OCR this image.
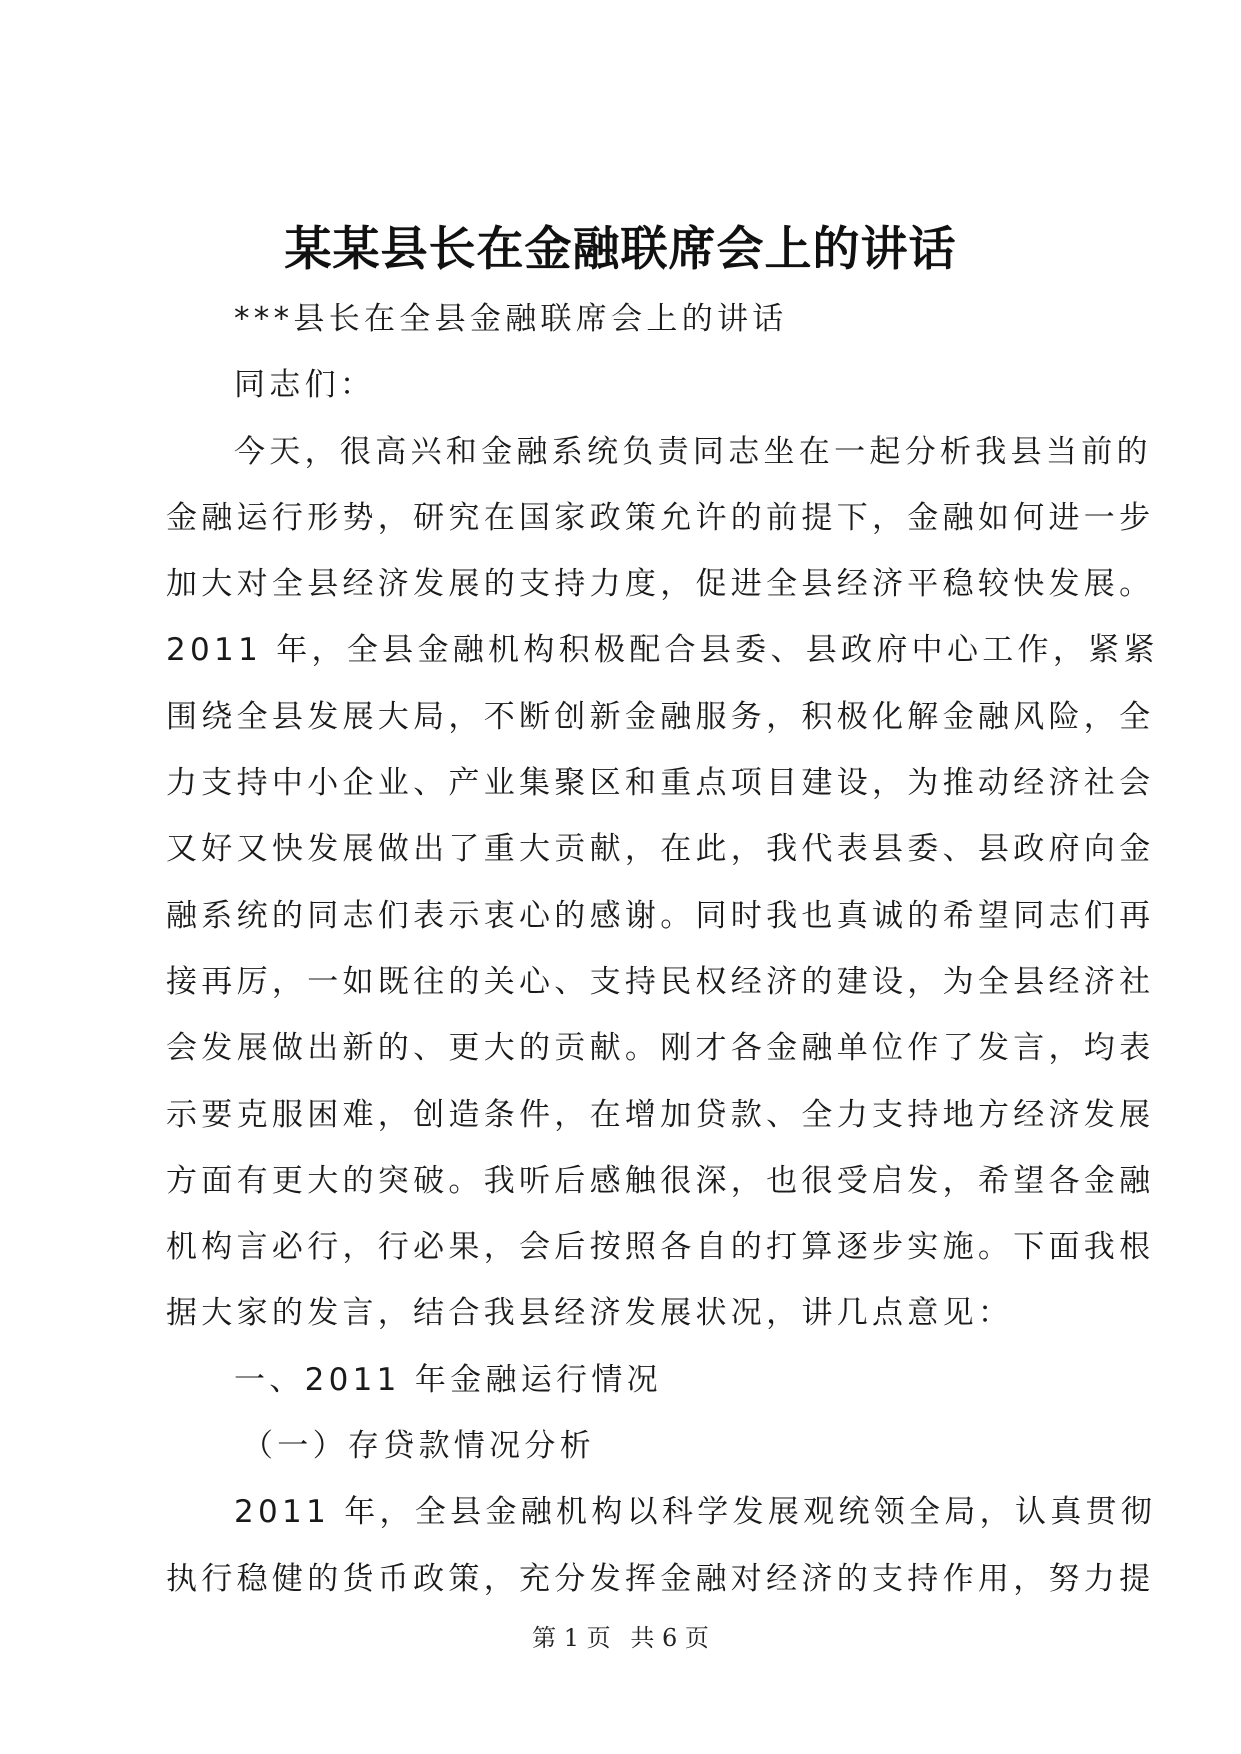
某某县长在金融联席会上的讲话
***县长在全县金融联席会上的讲话
同志们：
今天，很高兴和金融系统负责同志坐在一起分析我县当前的
金融运行形势，研究在国家政策允许的前提下，金融如何进一步
加大对全县经济发展的支持力度，促进全县经济平稳较快发展。
2011 年，全县金融机构积极配合县委、县政府中心工作，紧紧
围绕全县发展大局，不断创新金融服务，积极化解金融风险，全
力支持中小企业、产业集聚区和重点项目建设，为推动经济社会
又好又快发展做出了重大贡献，在此，我代表县委、县政府向金
融系统的同志们表示衷心的感谢。同时我也真诚的希望同志们再
接再厉，一如既往的关心、支持民权经济的建设，为全县经济社
会发展做出新的、更大的贡献。刚才各金融单位作了发言，均表
示要克服困难，创造条件，在增加贷款、全力支持地方经济发展
方面有更大的突破。我听后感触很深，也很受启发，希望各金融
机构言必行，行必果，会后按照各自的打算逐步实施。下面我根
据大家的发言，结合我县经济发展状况，讲几点意见：
一、2011 年金融运行情况
（一）存贷款情况分析
2011 年，全县金融机构以科学发展观统领全局，认真贯彻
执行稳健的货币政策，充分发挥金融对经济的支持作用，努力提
第 1 页 共 6 页
